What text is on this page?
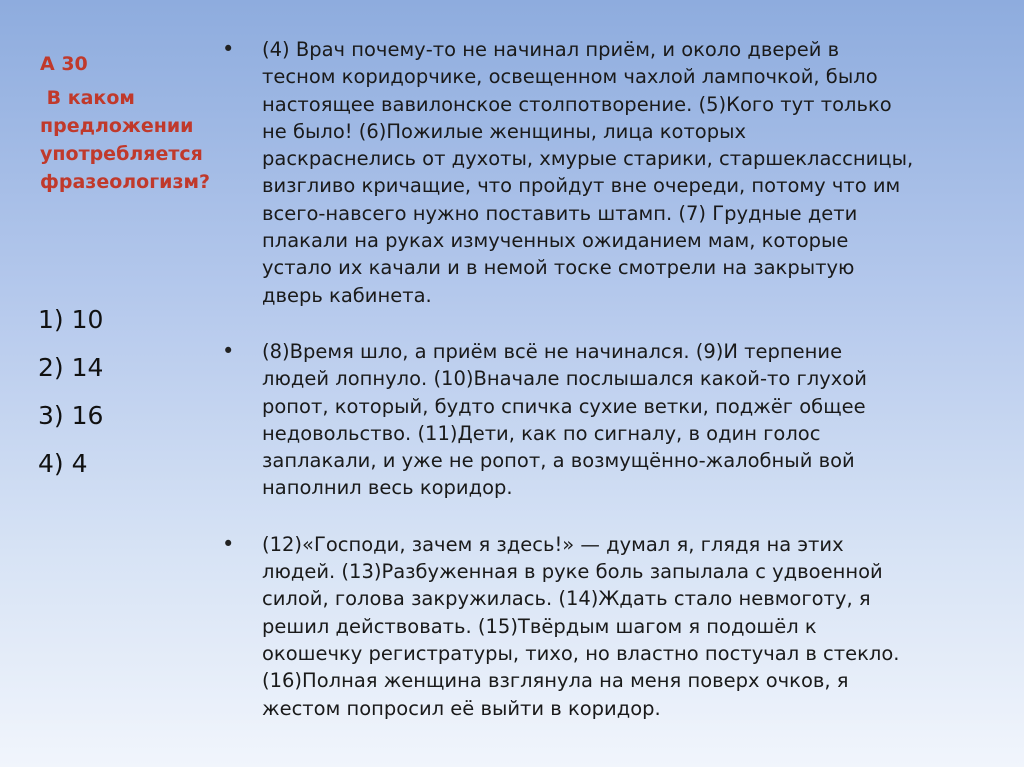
А 30

В каком
предложении
употребляется
фразеологизм?

1) 10
2) 14
3) 16
4) 4
• (4) Врач почему-то не начинал приём, и около дверей в
тесном коридорчике, освещенном чахлой лампочкой, было
настоящее вавилонское столпотворение. (5)Кого тут только
не было! (6)Пожилые женщины, лица которых
раскраснелись от духоты, хмурые старики, старшеклассницы,
визгливо кричащие, что пройдут вне очереди, потому что им
всего-навсего нужно поставить штамп. (7) Грудные дети
плакали на руках измученных ожиданием мам, которые
устало их качали и в немой тоске смотрели на закрытую
дверь кабинета.

• (8)Время шло, а приём всё не начинался. (9)И терпение
людей лопнуло. (10)Вначале послышался какой-то глухой
ропот, который, будто спичка сухие ветки, поджёг общее
недовольство. (11)Дети, как по сигналу, в один голос
заплакали, и уже не ропот, а возмущённо-жалобный вой
наполнил весь коридор.

• (12)«Господи, зачем я здесь!» — думал я, глядя на этих
людей. (13)Разбуженная в руке боль запылала с удвоенной
силой, голова закружилась. (14)Ждать стало невмоготу, я
решил действовать. (15)Твёрдым шагом я подошёл к
окошечку регистратуры, тихо, но властно постучал в стекло.
(16)Полная женщина взглянула на меня поверх очков, я
жестом попросил её выйти в коридор.
